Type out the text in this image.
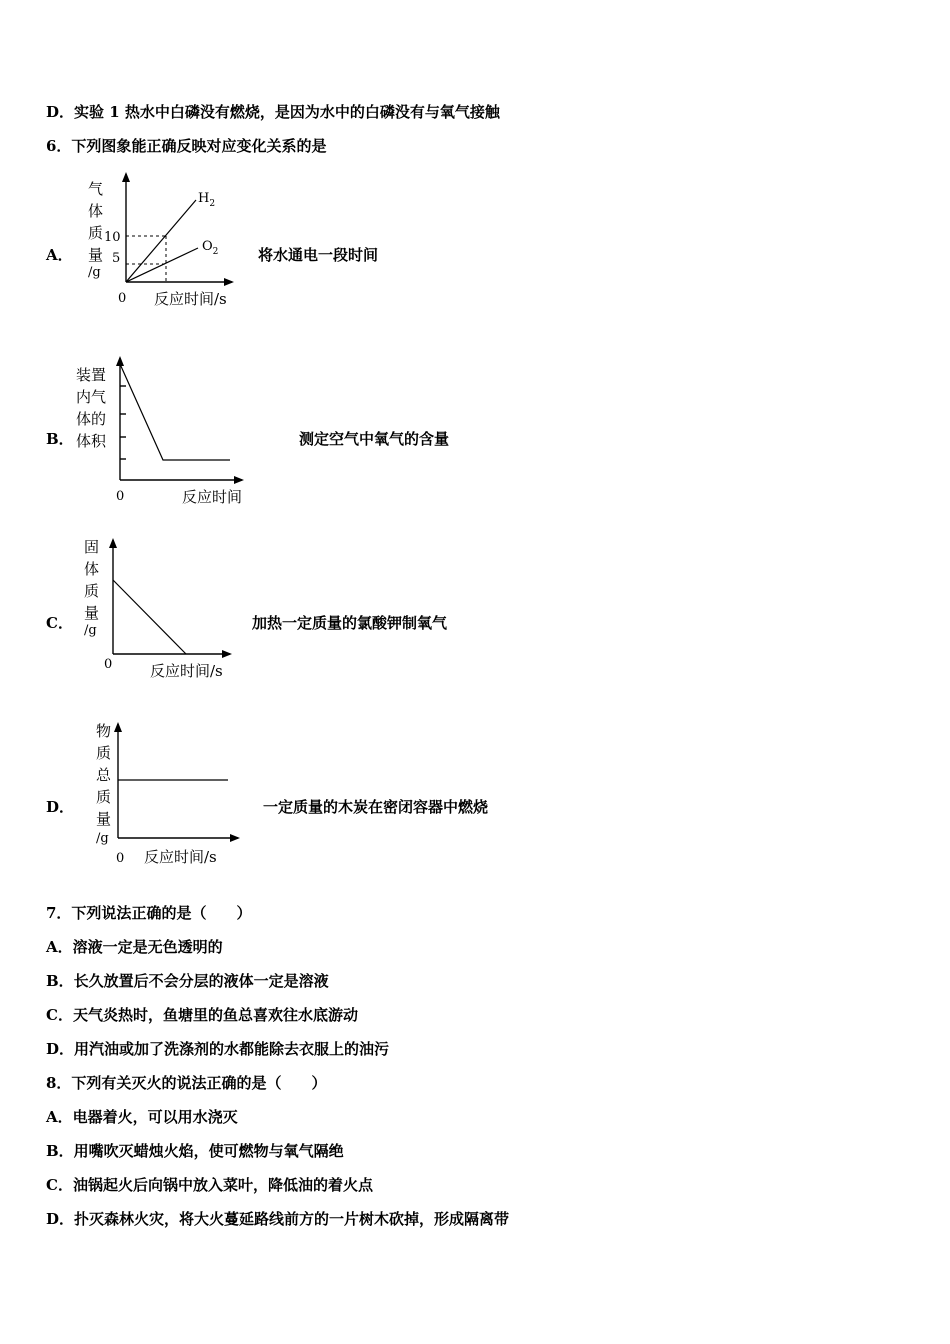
D．实验 1 热水中白磷没有燃烧，是因为水中的白磷没有与氧气接触
6．下列图象能正确反映对应变化关系的是
A．
气
体
质
量
/g
10
5
$H_2$
$O_2$
0 反应时间/s
将水通电一段时间
B．
装置
内气
体的
体积
0	反应时间
测定空气中氧气的含量
C．
固
体
质
量
/g
0	反应时间/s
加热一定质量的氯酸钾制氧气
D．
物
质
总
质
量
/g
0 反应时间/s
一定质量的木炭在密闭容器中燃烧
7．下列说法正确的是（　　）
A．溶液一定是无色透明的
B．长久放置后不会分层的液体一定是溶液
C．天气炎热时，鱼塘里的鱼总喜欢往水底游动
D．用汽油或加了洗涤剂的水都能除去衣服上的油污
8．下列有关灭火的说法正确的是（　　）
A．电器着火，可以用水浇灭
B．用嘴吹灭蜡烛火焰，使可燃物与氧气隔绝
C．油锅起火后向锅中放入菜叶，降低油的着火点
D．扑灭森林火灾，将大火蔓延路线前方的一片树木砍掉，形成隔离带
